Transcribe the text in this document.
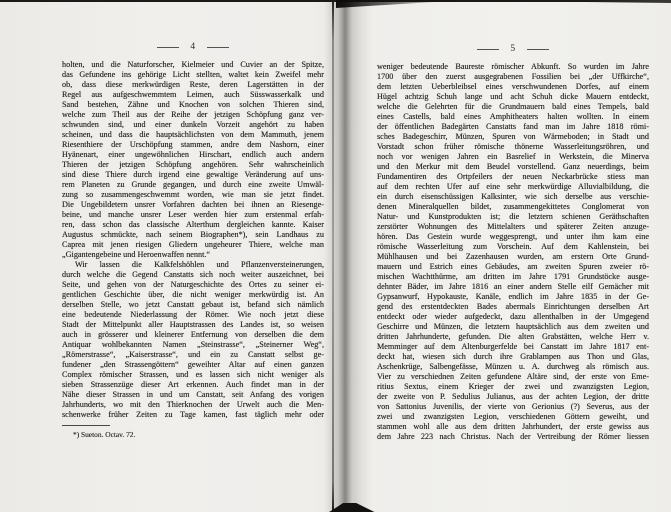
4
holten, und die Naturforscher, Kielmeier und Cuvier an der Spitze,
das Gefundene ins gehörige Licht stellten, waltet kein Zweifel mehr
ob, dass diese merkwürdigen Reste, deren Lagerstätten in der
Regel aus aufgeschwemmtem Leimen, auch Süsswasserkalk und
Sand bestehen, Zähne und Knochen von solchen Thieren sind,
welche zum Theil aus der Reihe der jetzigen Schöpfung ganz ver-
schwunden sind, und einer dunkeln Vorzeit angehört zu haben
scheinen, und dass die hauptsächlichsten von dem Mammuth, jenem
Riesenthiere der Urschöpfung stammen, andre dem Nashorn, einer
Hyänenart, einer ungewöhnlichen Hirschart, endlich auch andern
Thieren der jetzigen Schöpfung angehören. Sehr wahrscheinlich
sind diese Thiere durch irgend eine gewaltige Veränderung auf uns-
rem Planeten zu Grunde gegangen, und durch eine zweite Umwäl-
zung so zusammengeschwemmt worden, wie man sie jetzt findet.
Die Ungebildetern unsrer Vorfahren dachten bei ihnen an Riesenge-
beine, und manche unsrer Leser werden hier zum erstenmal erfah-
ren, dass schon das classische Alterthum dergleichen kannte. Kaiser
Augustus schmückte, nach seinem Biographen*), sein Landhaus zu
Caprea mit jenen riesigen Gliedern ungeheurer Thiere, welche man
„Gigantengebeine und Heroenwaffen nennt.“
Wir lassen die Kalkfelshöhlen und Pflanzenversteinerungen,
durch welche die Gegend Canstatts sich noch weiter auszeichnet, bei
Seite, und gehen von der Naturgeschichte des Ortes zu seiner ei-
gentlichen Geschichte über, die nicht weniger merkwürdig ist. An
derselben Stelle, wo jetzt Canstatt gebaut ist, befand sich nämlich
eine bedeutende Niederlassung der Römer. Wie noch jetzt diese
Stadt der Mittelpunkt aller Hauptstrassen des Landes ist, so weisen
auch in grösserer und kleinerer Entfernung von derselben die dem
Antiquar wohlbekannten Namen „Steinstrasse“, „Steinerner Weg“,
„Römerstrasse“, „Kaiserstrasse“, und ein zu Canstatt selbst ge-
fundener „den Strassengöttern“ geweihter Altar auf einen ganzen
Complex römischer Strassen, und es lassen sich nicht weniger als
sieben Strassenzüge dieser Art erkennen. Auch findet man in der
Nähe dieser Strassen in und um Canstatt, seit Anfang des vorigen
Jahrhunderts, wo mit den Thierknochen der Urwelt auch die Men-
schenwerke früher Zeiten zu Tage kamen, fast täglich mehr oder
*) Sueton. Octav. 72.
5
weniger bedeutende Baureste römischer Abkunft. So wurden im Jahre
1700 über den zuerst ausgegrabenen Fossilien bei „der Uffkirche“,
dem letzten Ueberbleibsel eines verschwundenen Dorfes, auf einem
Hügel achtzig Schuh lange und acht Schuh dicke Mauern entdeckt,
welche die Gelehrten für die Grundmauern bald eines Tempels, bald
eines Castells, bald eines Amphitheaters halten wollten. In einem
der öffentlichen Badegärten Canstatts fand man im Jahre 1818 römi-
sches Badegeschirr, Münzen, Spuren von Wärmeboden; in Stadt und
Vorstadt schon früher römische thönerne Wasserleitungsröhren, und
noch vor wenigen Jahren ein Basrelief in Werkstein, die Minerva
und den Merkur mit dem Beudel vorstellend. Ganz neuerdings, beim
Fundamentiren des Ortpfeilers der neuen Neckarbrücke stiess man
auf dem rechten Ufer auf eine sehr merkwürdige Alluvialbildung, die
ein durch eisenschüssigen Kalksinter, wie sich derselbe aus verschie-
denen Mineralquellen bildet, zusammengekittetes Conglomerat von
Natur- und Kunstprodukten ist; die letztern schienen Geräthschaften
zerstörter Wohnungen des Mittelalters und späterer Zeiten anzuge-
hören. Das Gestein wurde weggesprengt, und unter ihm kam eine
römische Wasserleitung zum Vorschein. Auf dem Kahlenstein, bei
Mühlhausen und bei Zazenhausen wurden, am erstern Orte Grund-
mauern und Estrich eines Gebäudes, am zweiten Spuren zweier rö-
mischen Wachtthürme, am dritten im Jahre 1791 Grundstöcke ausge-
dehnter Bäder, im Jahre 1816 an einer andern Stelle eilf Gemächer mit
Gypsanwurf, Hypokauste, Kanäle, endlich im Jahre 1835 in der Ge-
gend des erstentdeckten Bades abermals Einrichtungen derselben Art
entdeckt oder wieder aufgedeckt, dazu allenthalben in der Umgegend
Geschirre und Münzen, die letztern hauptsächlich aus dem zweiten und
dritten Jahrhunderte, gefunden. Die alten Grabstätten, welche Herr v.
Memminger auf dem Altenburgerfelde bei Canstatt im Jahre 1817 ent-
deckt hat, wiesen sich durch ihre Grablampen aus Thon und Glas,
Aschenkrüge, Salbengefässe, Münzen u. A. durchweg als römisch aus.
Vier zu verschiednen Zeiten gefundene Altäre sind, der erste von Eme-
ritius Sextus, einem Krieger der zwei und zwanzigsten Legion,
der zweite von P. Sedulius Julianus, aus der achten Legion, der dritte
von Sattonius Juvenilis, der vierte von Gerionius (?) Severus, aus der
zwei und zwanzigsten Legion, verschiedenen Göttern geweiht, und
stammen wohl alle aus dem dritten Jahrhundert, der erste gewiss aus
dem Jahre 223 nach Christus. Nach der Vertreibung der Römer liessen
